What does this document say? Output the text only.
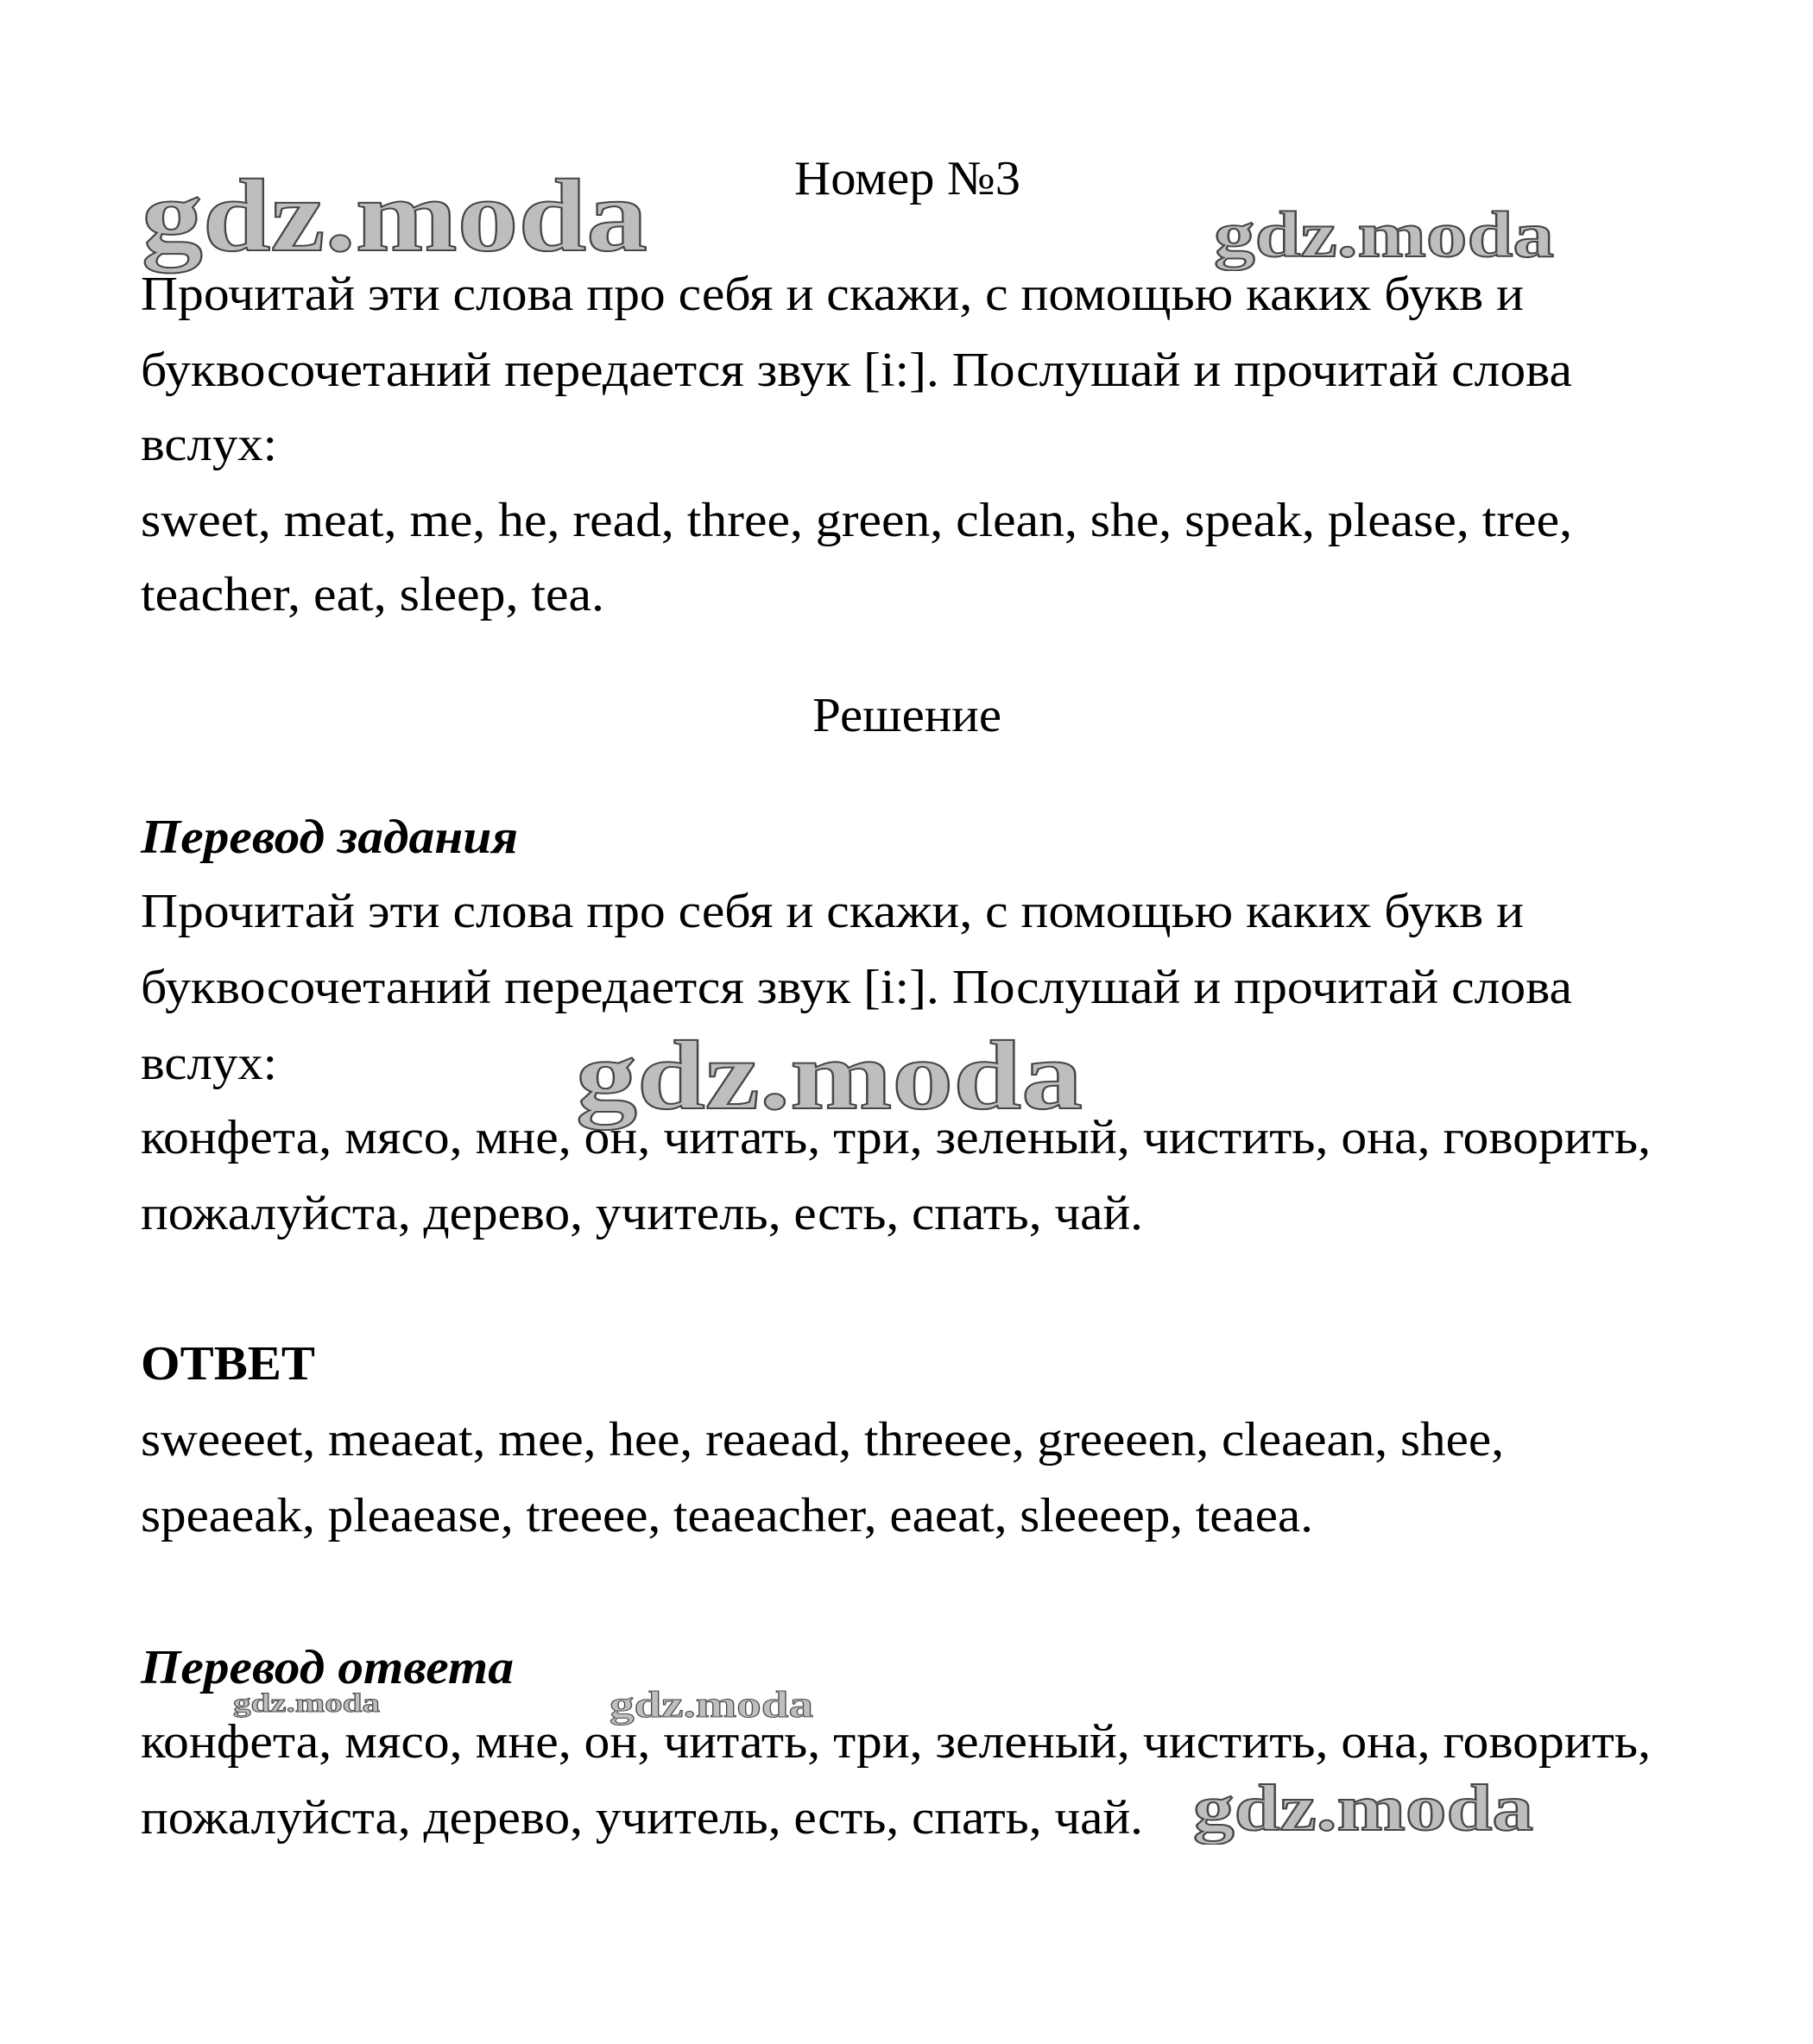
gdz.moda	gdz.moda
gdz.moda
gdz.moda	gdz.moda
gdz.moda
Номер №3
Прочитай эти слова про себя и скажи, с помощью каких букв и
буквосочетаний передается звук [i:]. Послушай и прочитай слова
вслух:
sweet, meat, me, he, read, three, green, clean, she, speak, please, tree,
teacher, eat, sleep, tea.
Решение
Перевод задания
Прочитай эти слова про себя и скажи, с помощью каких букв и
буквосочетаний передается звук [i:]. Послушай и прочитай слова
вслух:
конфета, мясо, мне, он, читать, три, зеленый, чистить, она, говорить,
пожалуйста, дерево, учитель, есть, спать, чай.
ОТВЕТ
sweeeet, meaeat, mee, hee, reaead, threeee, greeeen, cleaean, shee,
speaeak, pleaease, treeee, teaeacher, eaeat, sleeeep, teaea.
Перевод ответа
конфета, мясо, мне, он, читать, три, зеленый, чистить, она, говорить,
пожалуйста, дерево, учитель, есть, спать, чай.
